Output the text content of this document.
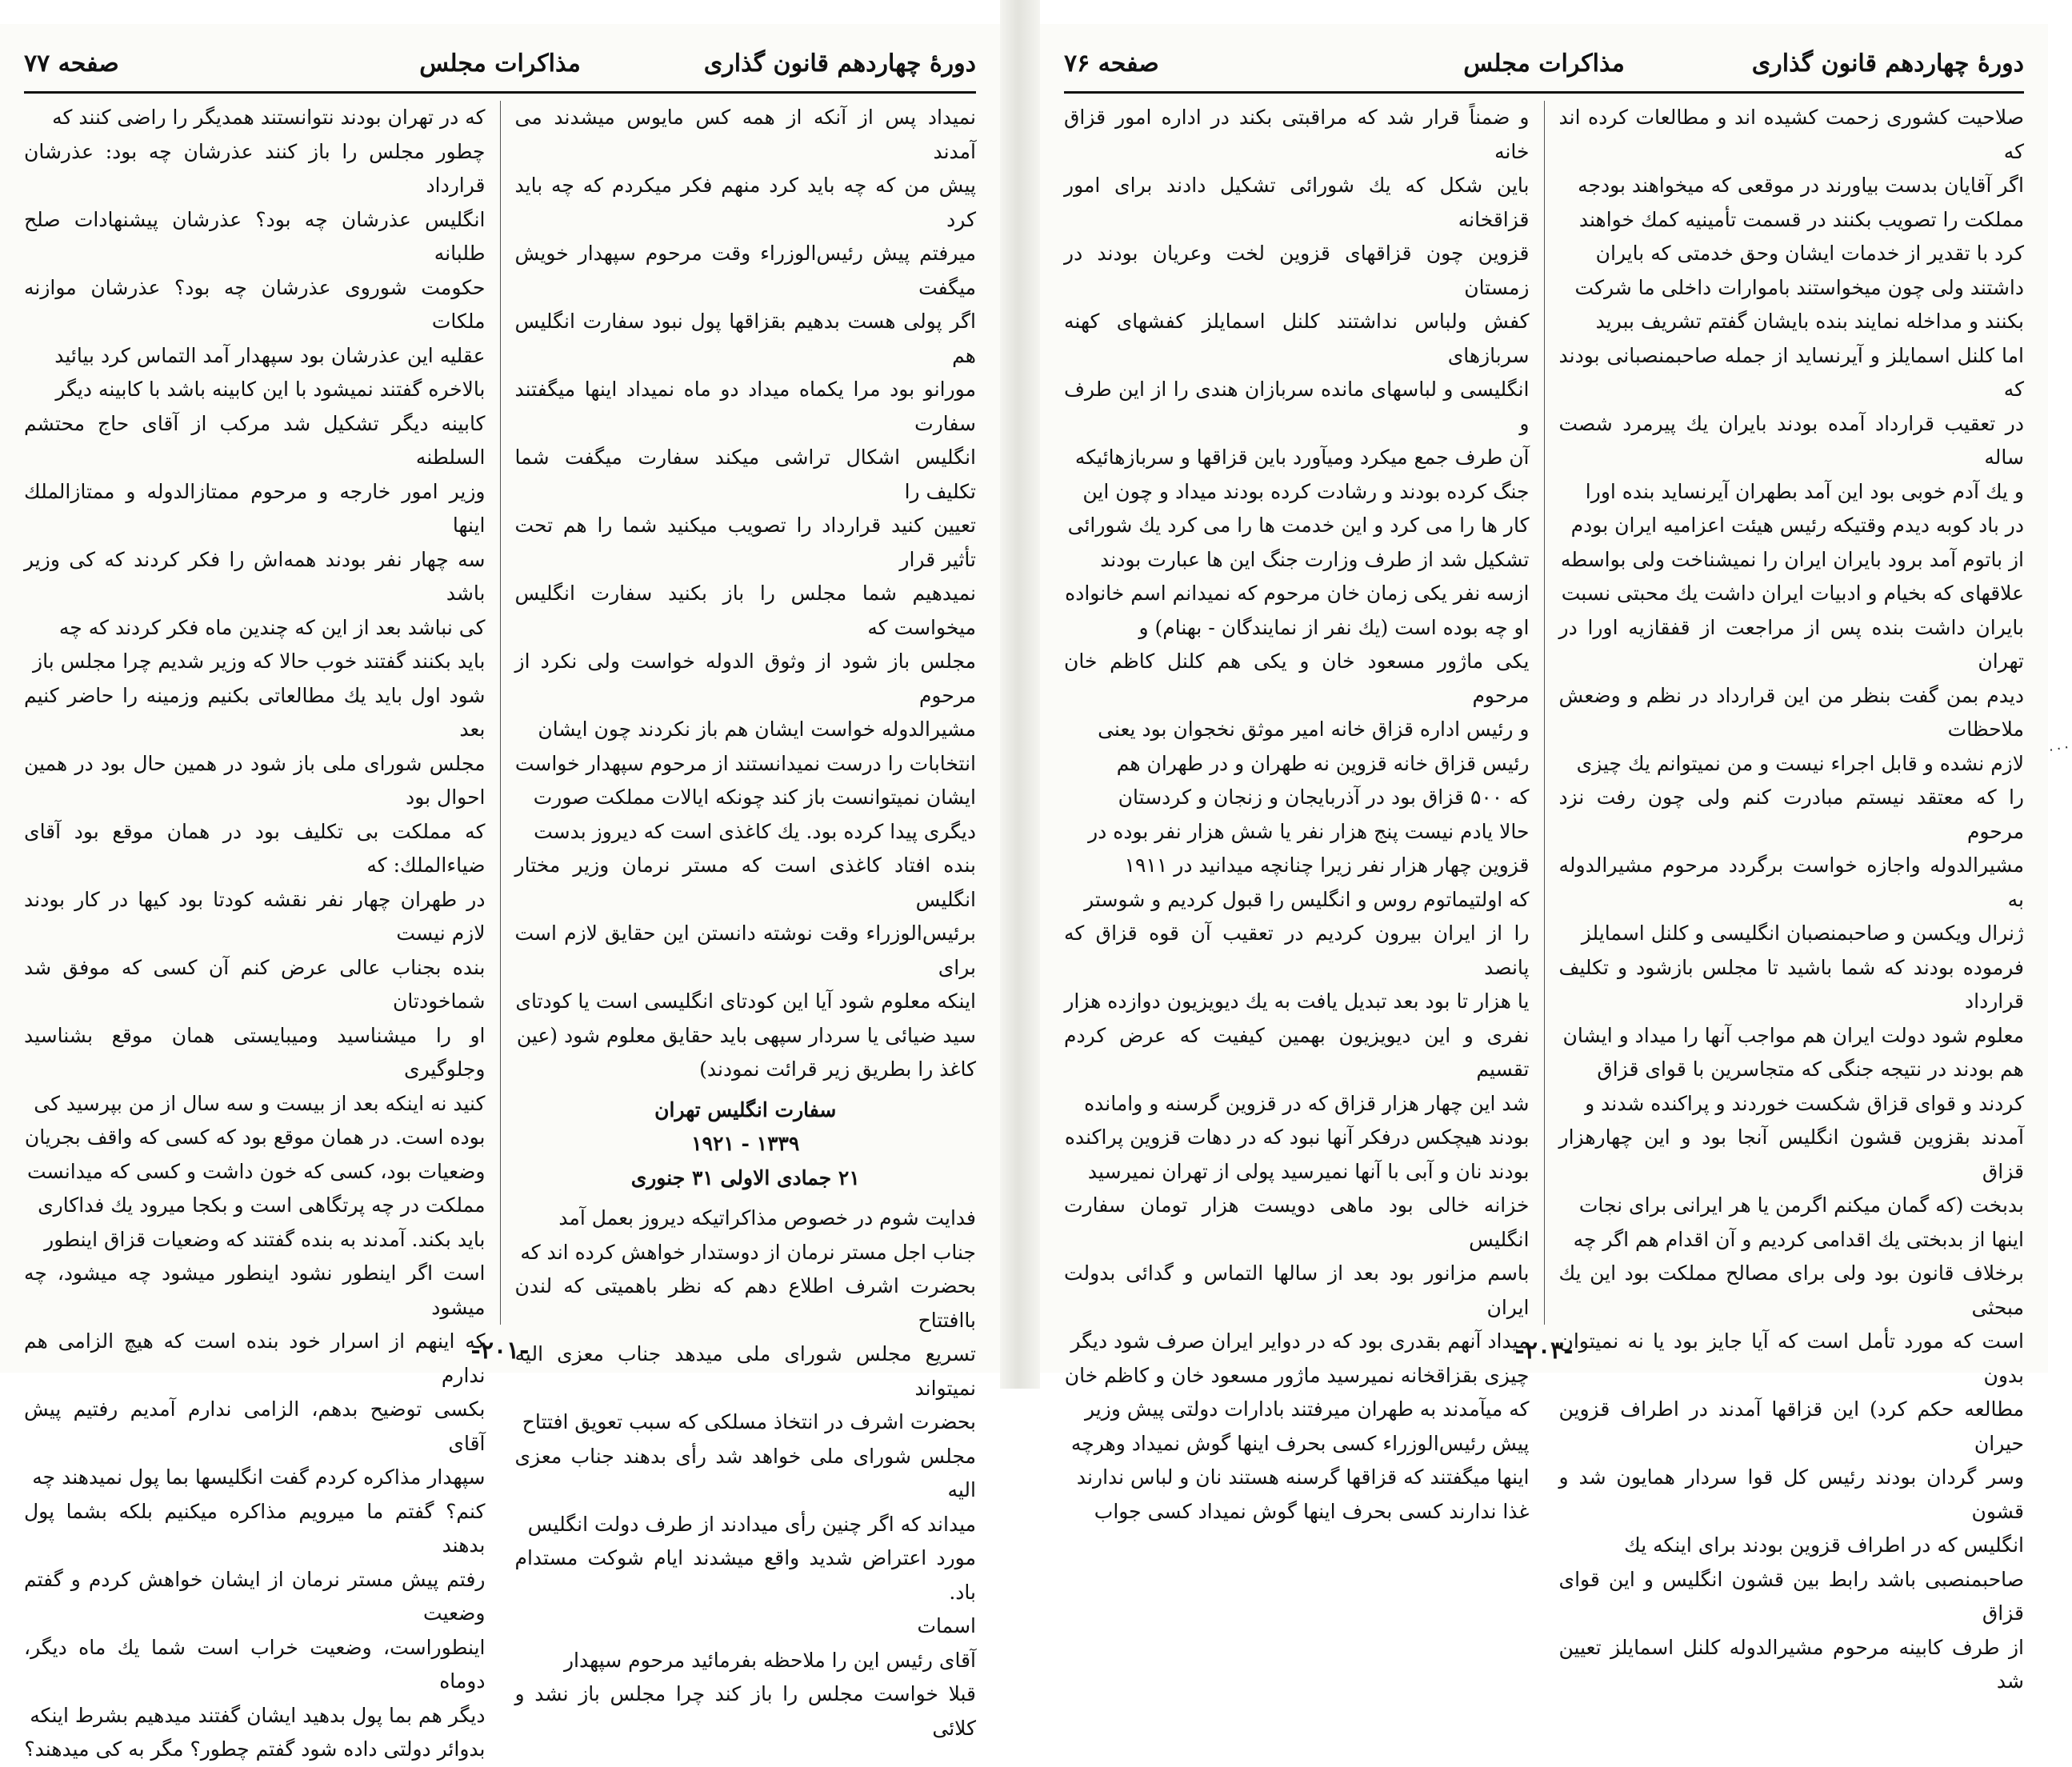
دورهٔ چهاردهم قانون گذاری
مذاکرات مجلس
صفحه ۷۷

نمیداد پس از آنکه از همه کس مایوس میشدند می آمدند

پیش من که چه باید کرد منهم فکر میکردم که چه باید کرد

میرفتم پیش رئیس‌الوزراء وقت مرحوم سپهدار خویش میگفت

اگر پولی هست بدهیم بقزاقها پول نبود سفارت انگلیس هم

مورانو بود مرا یکماه میداد دو ماه نمیداد اینها میگفتند سفارت

انگلیس اشکال تراشی میکند سفارت میگفت شما تکلیف را

تعیین کنید قرارداد را تصویب میکنید شما را هم تحت تأثیر قرار

نمیدهیم شما مجلس را باز بکنید سفارت انگلیس میخواست که

مجلس باز شود از وثوق الدوله خواست ولی نکرد از مرحوم

مشیرالدوله خواست ایشان هم باز نکردند چون ایشان

انتخابات را درست نمیدانستند از مرحوم سپهدار خواست

ایشان نمیتوانست باز کند چونکه ایالات مملکت صورت

دیگری پیدا کرده بود. یك کاغذی است که دیروز بدست

بنده افتاد کاغذی است که مستر نرمان وزیر مختار انگلیس

برئیس‌الوزراء وقت نوشته دانستن این حقایق لازم است برای

اینکه معلوم شود آیا این کودتای انگلیسی است یا کودتای

سید ضیائی یا سردار سپهی باید حقایق معلوم شود (عین

کاغذ را بطریق زیر قرائت نمودند)

سفارت انگلیس تهران

۱۳۳۹ - ۱۹۲۱

۲۱ جمادی الاولی ۳۱ جنوری

فدایت شوم در خصوص مذاکراتیکه دیروز بعمل آمد

جناب اجل مستر نرمان از دوستدار خواهش کرده اند که

بحضرت اشرف اطلاع دهم که نظر باهمیتی که لندن باافتتاح

تسریع مجلس شورای ملی میدهد جناب معزی الیه نمیتواند

بحضرت اشرف در انتخاذ مسلکی که سبب تعویق افتتاح

مجلس شورای ملی خواهد شد رأی بدهند جناب معزی الیه

میداند که اگر چنین رأی میدادند از طرف دولت انگلیس

مورد اعتراض شدید واقع میشدند ایام شوکت مستدام باد.

اسمات

آقای رئیس این را ملاحظه بفرمائید مرحوم سپهدار

قبلا خواست مجلس را باز کند چرا مجلس باز نشد و کلائی

که در تهران بودند نتوانستند همدیگر را راضی کنند که

چطور مجلس را باز کنند عذرشان چه بود: عذرشان قرارداد

انگلیس عذرشان چه بود؟ عذرشان پیشنهادات صلح طلبانه

حکومت شوروی عذرشان چه بود؟ عذرشان موازنه ملکات

عقلیه این عذرشان بود سپهدار آمد التماس کرد بیائید

بالاخره گفتند نمیشود با این کابینه باشد با کابینه دیگر

کابینه دیگر تشکیل شد مرکب از آقای حاج محتشم السلطنه

وزیر امور خارجه و مرحوم ممتازالدوله و ممتازالملك اینها

سه چهار نفر بودند همه‌اش را فکر کردند که کی وزیر باشد

کی نباشد بعد از این که چندین ماه فکر کردند که چه

باید بکنند گفتند خوب حالا که وزیر شدیم چرا مجلس باز

شود اول باید یك مطالعاتی بکنیم وزمینه را حاضر کنیم بعد

مجلس شورای ملی باز شود در همین حال بود در همین احوال بود

که مملکت بی تکلیف بود در همان موقع بود آقای ضیاءالملك: که

در طهران چهار نفر نقشه کودتا بود کیها در کار بودند لازم نیست

بنده بجناب عالی عرض کنم آن کسی که موفق شد شماخودتان

او را میشناسید ومیبایستی همان موقع بشناسید وجلوگیری

کنید نه اینکه بعد از بیست و سه سال از من بپرسید کی

بوده است. در همان موقع بود که کسی که واقف بجریان

وضعیات بود، کسی که خون داشت و کسی که میدانست

مملکت در چه پرتگاهی است و بکجا میرود یك فداکاری

باید بکند. آمدند به بنده گفتند که وضعیات قزاق اینطور

است اگر اینطور نشود اینطور میشود چه میشود، چه میشود

که اینهم از اسرار خود بنده است که هیچ الزامی هم ندارم

بکسی توضیح بدهم، الزامی ندارم آمدیم رفتیم پیش آقای

سپهدار مذاکره کردم گفت انگلیسها بما پول نمیدهند چه

کنم؟ گفتم ما میرویم مذاکره میکنیم بلکه بشما پول بدهند

رفتم پیش مستر نرمان از ایشان خواهش کردم و گفتم وضعیت

اینطوراست، وضعیت خراب است شما یك ماه دیگر، دوماه

دیگر هم بما پول بدهید ایشان گفتند میدهیم بشرط اینکه

بدوائر دولتی داده شود گفتم چطور؟ مگر به کی میدهند؟

-۲۰۱-
دورهٔ چهاردهم قانون گذاری
مذاکرات مجلس
صفحه ۷۶

صلاحیت کشوری زحمت کشیده اند و مطالعات کرده اند که

اگر آقایان بدست بیاورند در موقعی که میخواهند بودجه

مملکت را تصویب بکنند در قسمت تأمینیه کمك خواهند

کرد با تقدیر از خدمات ایشان وحق خدمتی که بایران

داشتند ولی چون میخواستند باموارات داخلی ما شرکت

بکنند و مداخله نمایند بنده بایشان گفتم تشریف ببرید

اما کلنل اسمایلز و آیرنساید از جمله صاحبمنصبانی بودند که

در تعقیب قرارداد آمده بودند بایران یك پیرمرد شصت ساله

و یك آدم خوبی بود این آمد بطهران آیرنساید بنده اورا

در باد کوبه دیدم وقتیکه رئیس هیئت اعزامیه ایران بودم

از باتوم آمد برود بایران ایران را نمیشناخت ولی بواسطه

علاقهای که بخیام و ادبیات ایران داشت یك محبتی نسبت

بایران داشت بنده پس از مراجعت از قفقازیه اورا در تهران

دیدم بمن گفت بنظر من این قرارداد در نظم و وضعش ملاحظات

لازم نشده و قابل اجراء نیست و من نمیتوانم یك چیزی

را که معتقد نیستم مبادرت کنم ولی چون رفت نزد مرحوم

مشیرالدوله واجازه خواست برگردد مرحوم مشیرالدوله به

ژنرال ویکسن و صاحبمنصبان انگلیسی و کلنل اسمایلز

فرموده بودند که شما باشید تا مجلس بازشود و تکلیف قرارداد

معلوم شود دولت ایران هم مواجب آنها را میداد و ایشان

هم بودند در نتیجه جنگی که متجاسرین با قوای قزاق

کردند و قوای قزاق شکست خوردند و پراکنده شدند و

آمدند بقزوین قشون انگلیس آنجا بود و این چهارهزار قزاق

بدبخت (که گمان میکنم اگرمن یا هر ایرانی برای نجات

اینها از بدبختی یك اقدامی کردیم و آن اقدام هم اگر چه

برخلاف قانون بود ولی برای مصالح مملکت بود این یك مبحثی

است که مورد تأمل است که آیا جایز بود یا نه نمیتوان بدون

مطالعه حکم کرد) این قزاقها آمدند در اطراف قزوین حیران

وسر گردان بودند رئیس کل قوا سردار همایون شد و قشون

انگلیس که در اطراف قزوین بودند برای اینکه یك

صاحبمنصبی باشد رابط بین قشون انگلیس و این قوای قزاق

از طرف کابینه مرحوم مشیرالدوله کلنل اسمایلز تعیین شد

و ضمناً قرار شد که مراقبتی بکند در اداره امور قزاق خانه

باین شکل که یك شورائی تشکیل دادند برای امور قزاقخانه

قزوین چون قزاقهای قزوین لخت وعریان بودند در زمستان

کفش ولباس نداشتند کلنل اسمایلز کفشهای کهنه سربازهای

انگلیسی و لباسهای مانده سربازان هندی را از این طرف و

آن طرف جمع میکرد ومیآورد باین قزاقها و سربازهائیکه

جنگ کرده بودند و رشادت کرده بودند میداد و چون این

کار ها را می کرد و این خدمت ها را می کرد یك شورائی

تشکیل شد از طرف وزارت جنگ این ها عبارت بودند

ازسه نفر یکی زمان خان مرحوم که نمیدانم اسم خانواده

او چه بوده است (یك نفر از نمایندگان - بهنام) و

یکی ماژور مسعود خان و یکی هم کلنل کاظم خان مرحوم

و رئیس اداره قزاق خانه امیر موثق نخجوان بود یعنی

رئیس قزاق خانه قزوین نه طهران و در طهران هم

که ۵۰۰ قزاق بود در آذربایجان و زنجان و کردستان

حالا یادم نیست پنج هزار نفر یا شش هزار نفر بوده در

قزوین چهار هزار نفر زیرا چنانچه میدانید در ۱۹۱۱

که اولتیماتوم روس و انگلیس را قبول کردیم و شوستر

را از ایران بیرون کردیم در تعقیب آن قوه قزاق که پانصد

یا هزار تا بود بعد تبدیل یافت به یك دیویزیون دوازده هزار

نفری و این دیویزیون بهمین کیفیت که عرض کردم تقسیم

شد این چهار هزار قزاق که در قزوین گرسنه و وامانده

بودند هیچکس درفکر آنها نبود که در دهات قزوین پراکنده

بودند نان و آبی با آنها نمیرسید پولی از تهران نمیرسید

خزانه خالی بود ماهی دویست هزار تومان سفارت انگلیس

باسم مزانور بود بعد از سالها التماس و گدائی بدولت ایران

میداد آنهم بقدری بود که در دوایر ایران صرف شود دیگر

چیزی بقزاقخانه نمیرسید ماژور مسعود خان و کاظم خان

که میآمدند به طهران میرفتند بادارات دولتی پیش وزیر

پیش رئیس‌الوزراء کسی بحرف اینها گوش نمیداد وهرچه

اینها میگفتند که قزاقها گرسنه هستند نان و لباس ندارند

غذا ندارند کسی بحرف اینها گوش نمیداد کسی جواب

۰۰۰
-۲۰۳-
